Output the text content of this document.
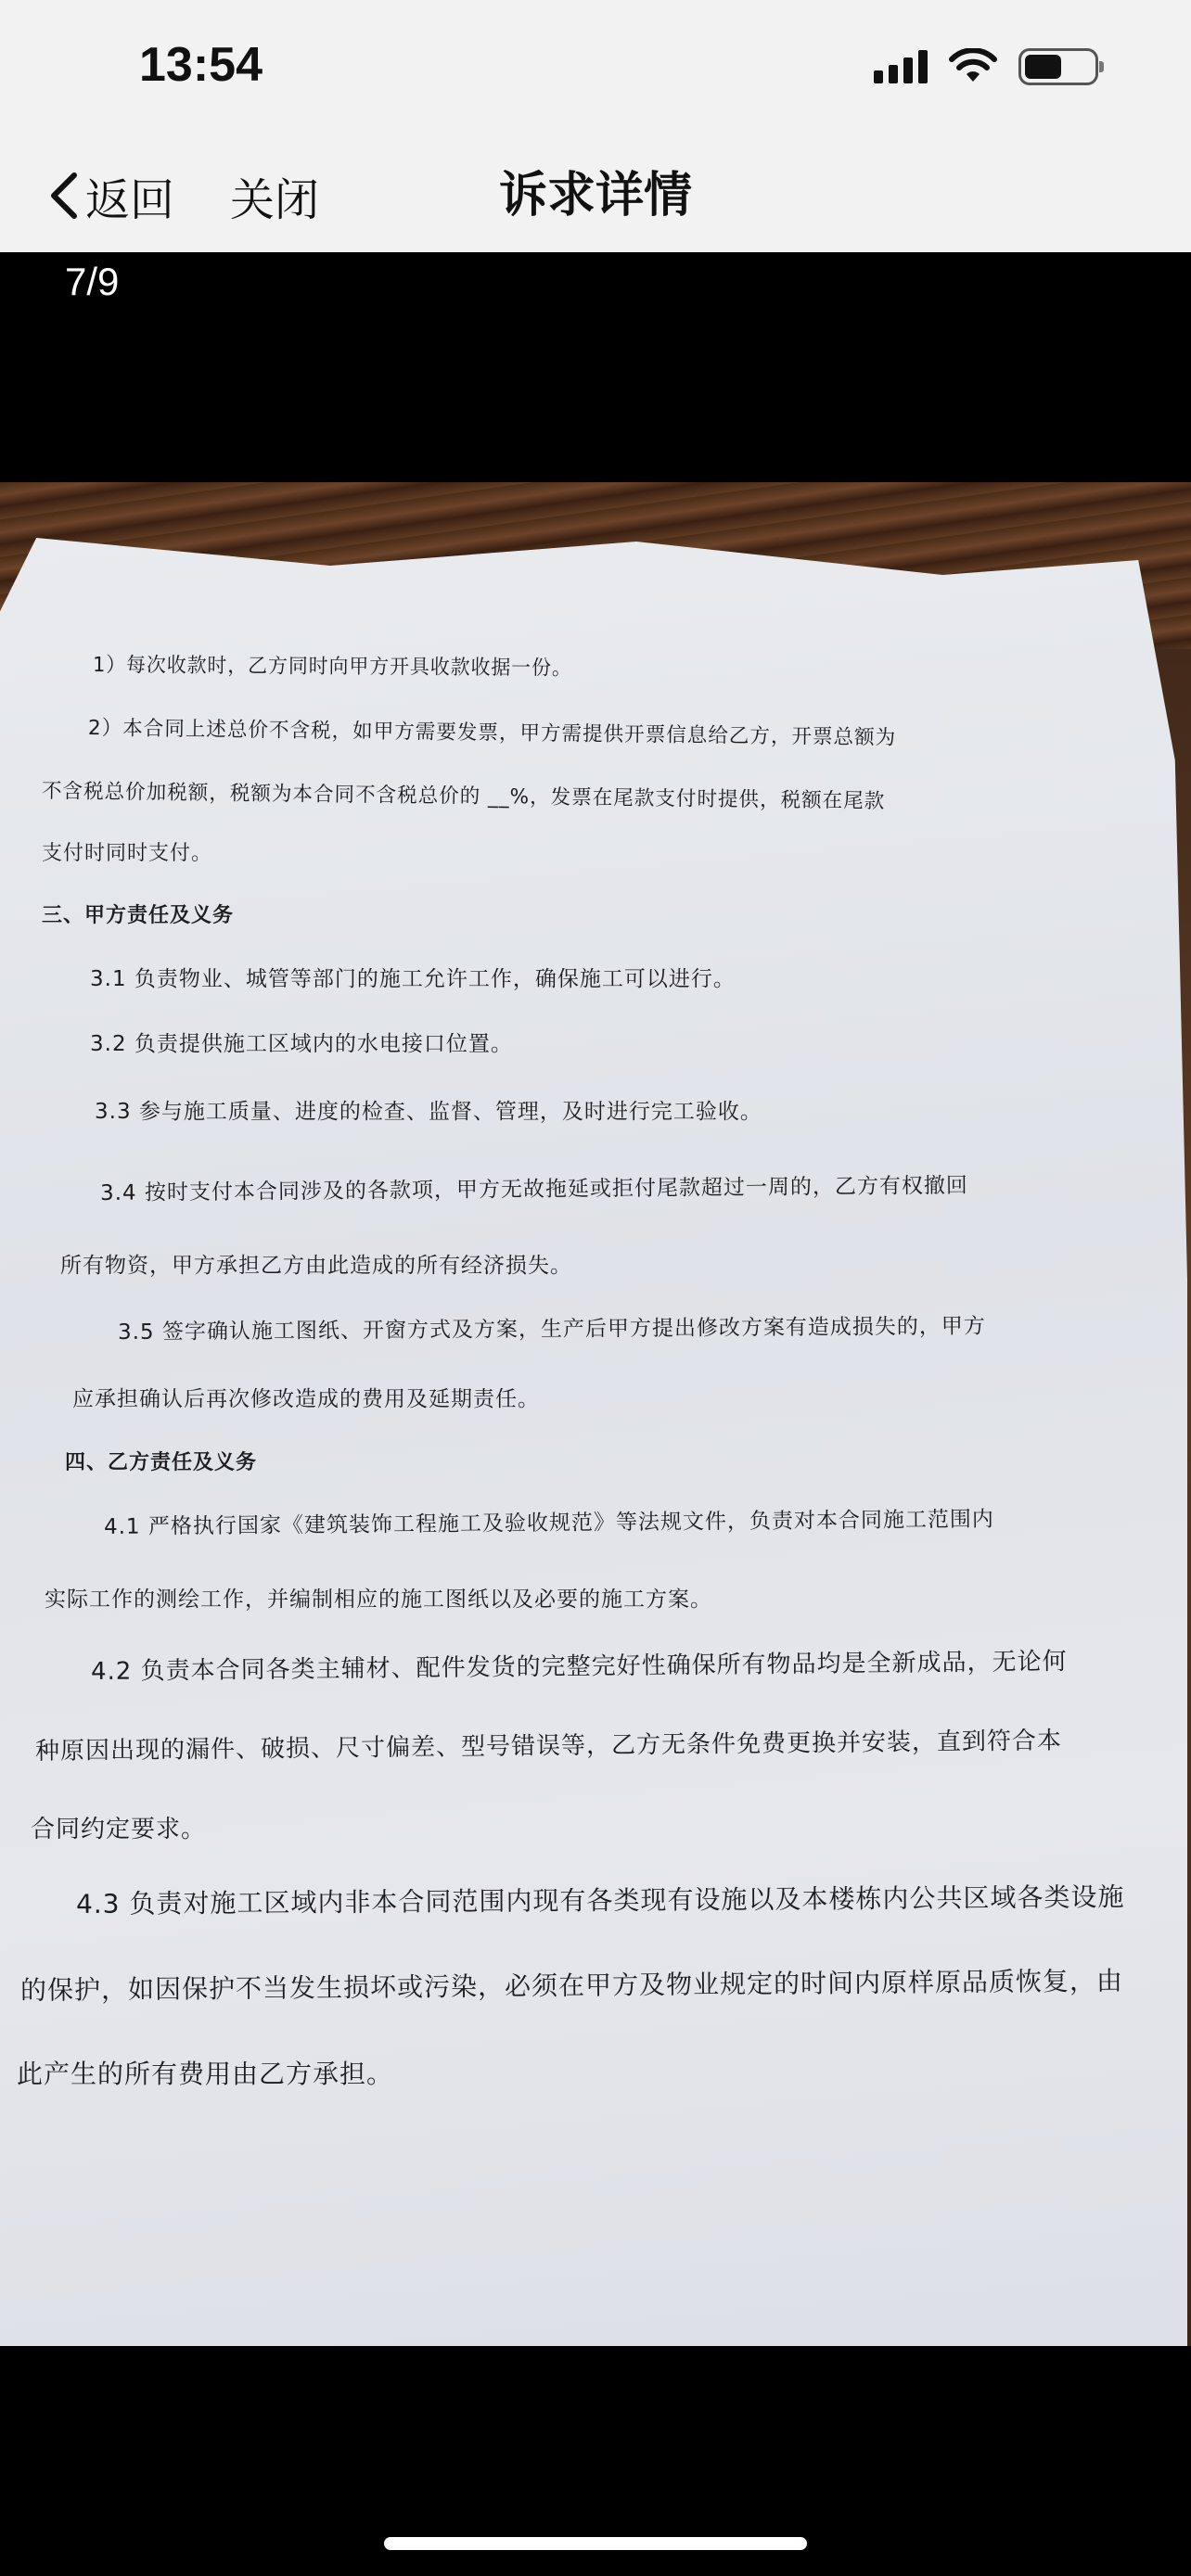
13:54
返回 关闭	诉求详情
7/9
1）每次收款时，乙方同时向甲方开具收款收据一份。
2）本合同上述总价不含税，如甲方需要发票，甲方需提供开票信息给乙方，开票总额为
不含税总价加税额，税额为本合同不含税总价的 __%，发票在尾款支付时提供，税额在尾款
支付时同时支付。
三、甲方责任及义务
3.1 负责物业、城管等部门的施工允许工作，确保施工可以进行。
3.2 负责提供施工区域内的水电接口位置。
3.3 参与施工质量、进度的检查、监督、管理，及时进行完工验收。
3.4 按时支付本合同涉及的各款项，甲方无故拖延或拒付尾款超过一周的，乙方有权撤回
所有物资，甲方承担乙方由此造成的所有经济损失。
3.5 签字确认施工图纸、开窗方式及方案，生产后甲方提出修改方案有造成损失的，甲方
应承担确认后再次修改造成的费用及延期责任。
四、乙方责任及义务
4.1 严格执行国家《建筑装饰工程施工及验收规范》等法规文件，负责对本合同施工范围内
实际工作的测绘工作，并编制相应的施工图纸以及必要的施工方案。
4.2 负责本合同各类主辅材、配件发货的完整完好性确保所有物品均是全新成品，无论何
种原因出现的漏件、破损、尺寸偏差、型号错误等，乙方无条件免费更换并安装，直到符合本
合同约定要求。
4.3 负责对施工区域内非本合同范围内现有各类现有设施以及本楼栋内公共区域各类设施
的保护，如因保护不当发生损坏或污染，必须在甲方及物业规定的时间内原样原品质恢复，由
此产生的所有费用由乙方承担。
